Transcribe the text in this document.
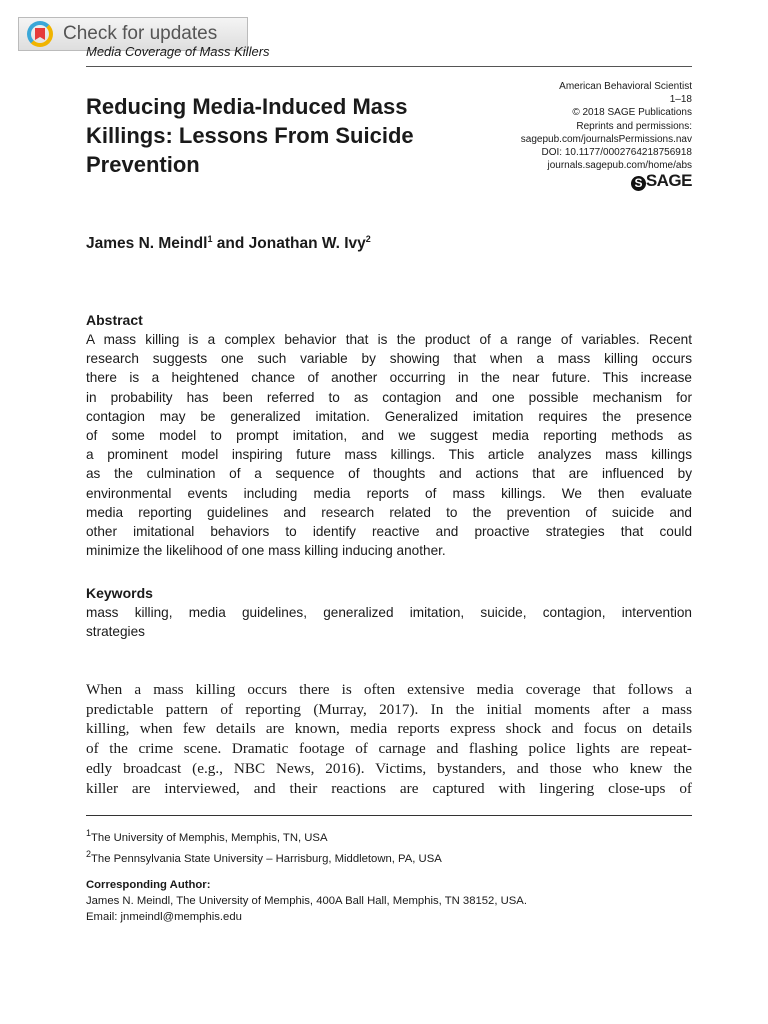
Check for updates
Media Coverage of Mass Killers
Reducing Media-Induced Mass
Killings: Lessons From Suicide
Prevention
American Behavioral Scientist
1–18
© 2018 SAGE Publications
Reprints and permissions:
sagepub.com/journalsPermissions.nav
DOI: 10.1177/0002764218756918
journals.sagepub.com/home/abs
S SAGE
James N. Meindl$^1$ and Jonathan W. Ivy$^2$
Abstract
A mass killing is a complex behavior that is the product of a range of variables. Recent
research suggests one such variable by showing that when a mass killing occurs
there is a heightened chance of another occurring in the near future. This increase
in probability has been referred to as contagion and one possible mechanism for
contagion may be generalized imitation. Generalized imitation requires the presence
of some model to prompt imitation, and we suggest media reporting methods as
a prominent model inspiring future mass killings. This article analyzes mass killings
as the culmination of a sequence of thoughts and actions that are influenced by
environmental events including media reports of mass killings. We then evaluate
media reporting guidelines and research related to the prevention of suicide and
other imitational behaviors to identify reactive and proactive strategies that could
minimize the likelihood of one mass killing inducing another.
Keywords
mass killing, media guidelines, generalized imitation, suicide, contagion, intervention
strategies
When a mass killing occurs there is often extensive media coverage that follows a
predictable pattern of reporting (Murray, 2017). In the initial moments after a mass
killing, when few details are known, media reports express shock and focus on details
of the crime scene. Dramatic footage of carnage and flashing police lights are repeat-
edly broadcast (e.g., NBC News, 2016). Victims, bystanders, and those who knew the
killer are interviewed, and their reactions are captured with lingering close-ups of
$^1$The University of Memphis, Memphis, TN, USA
$^2$The Pennsylvania State University – Harrisburg, Middletown, PA, USA
Corresponding Author:
James N. Meindl, The University of Memphis, 400A Ball Hall, Memphis, TN 38152, USA.
Email: jnmeindl@memphis.edu
